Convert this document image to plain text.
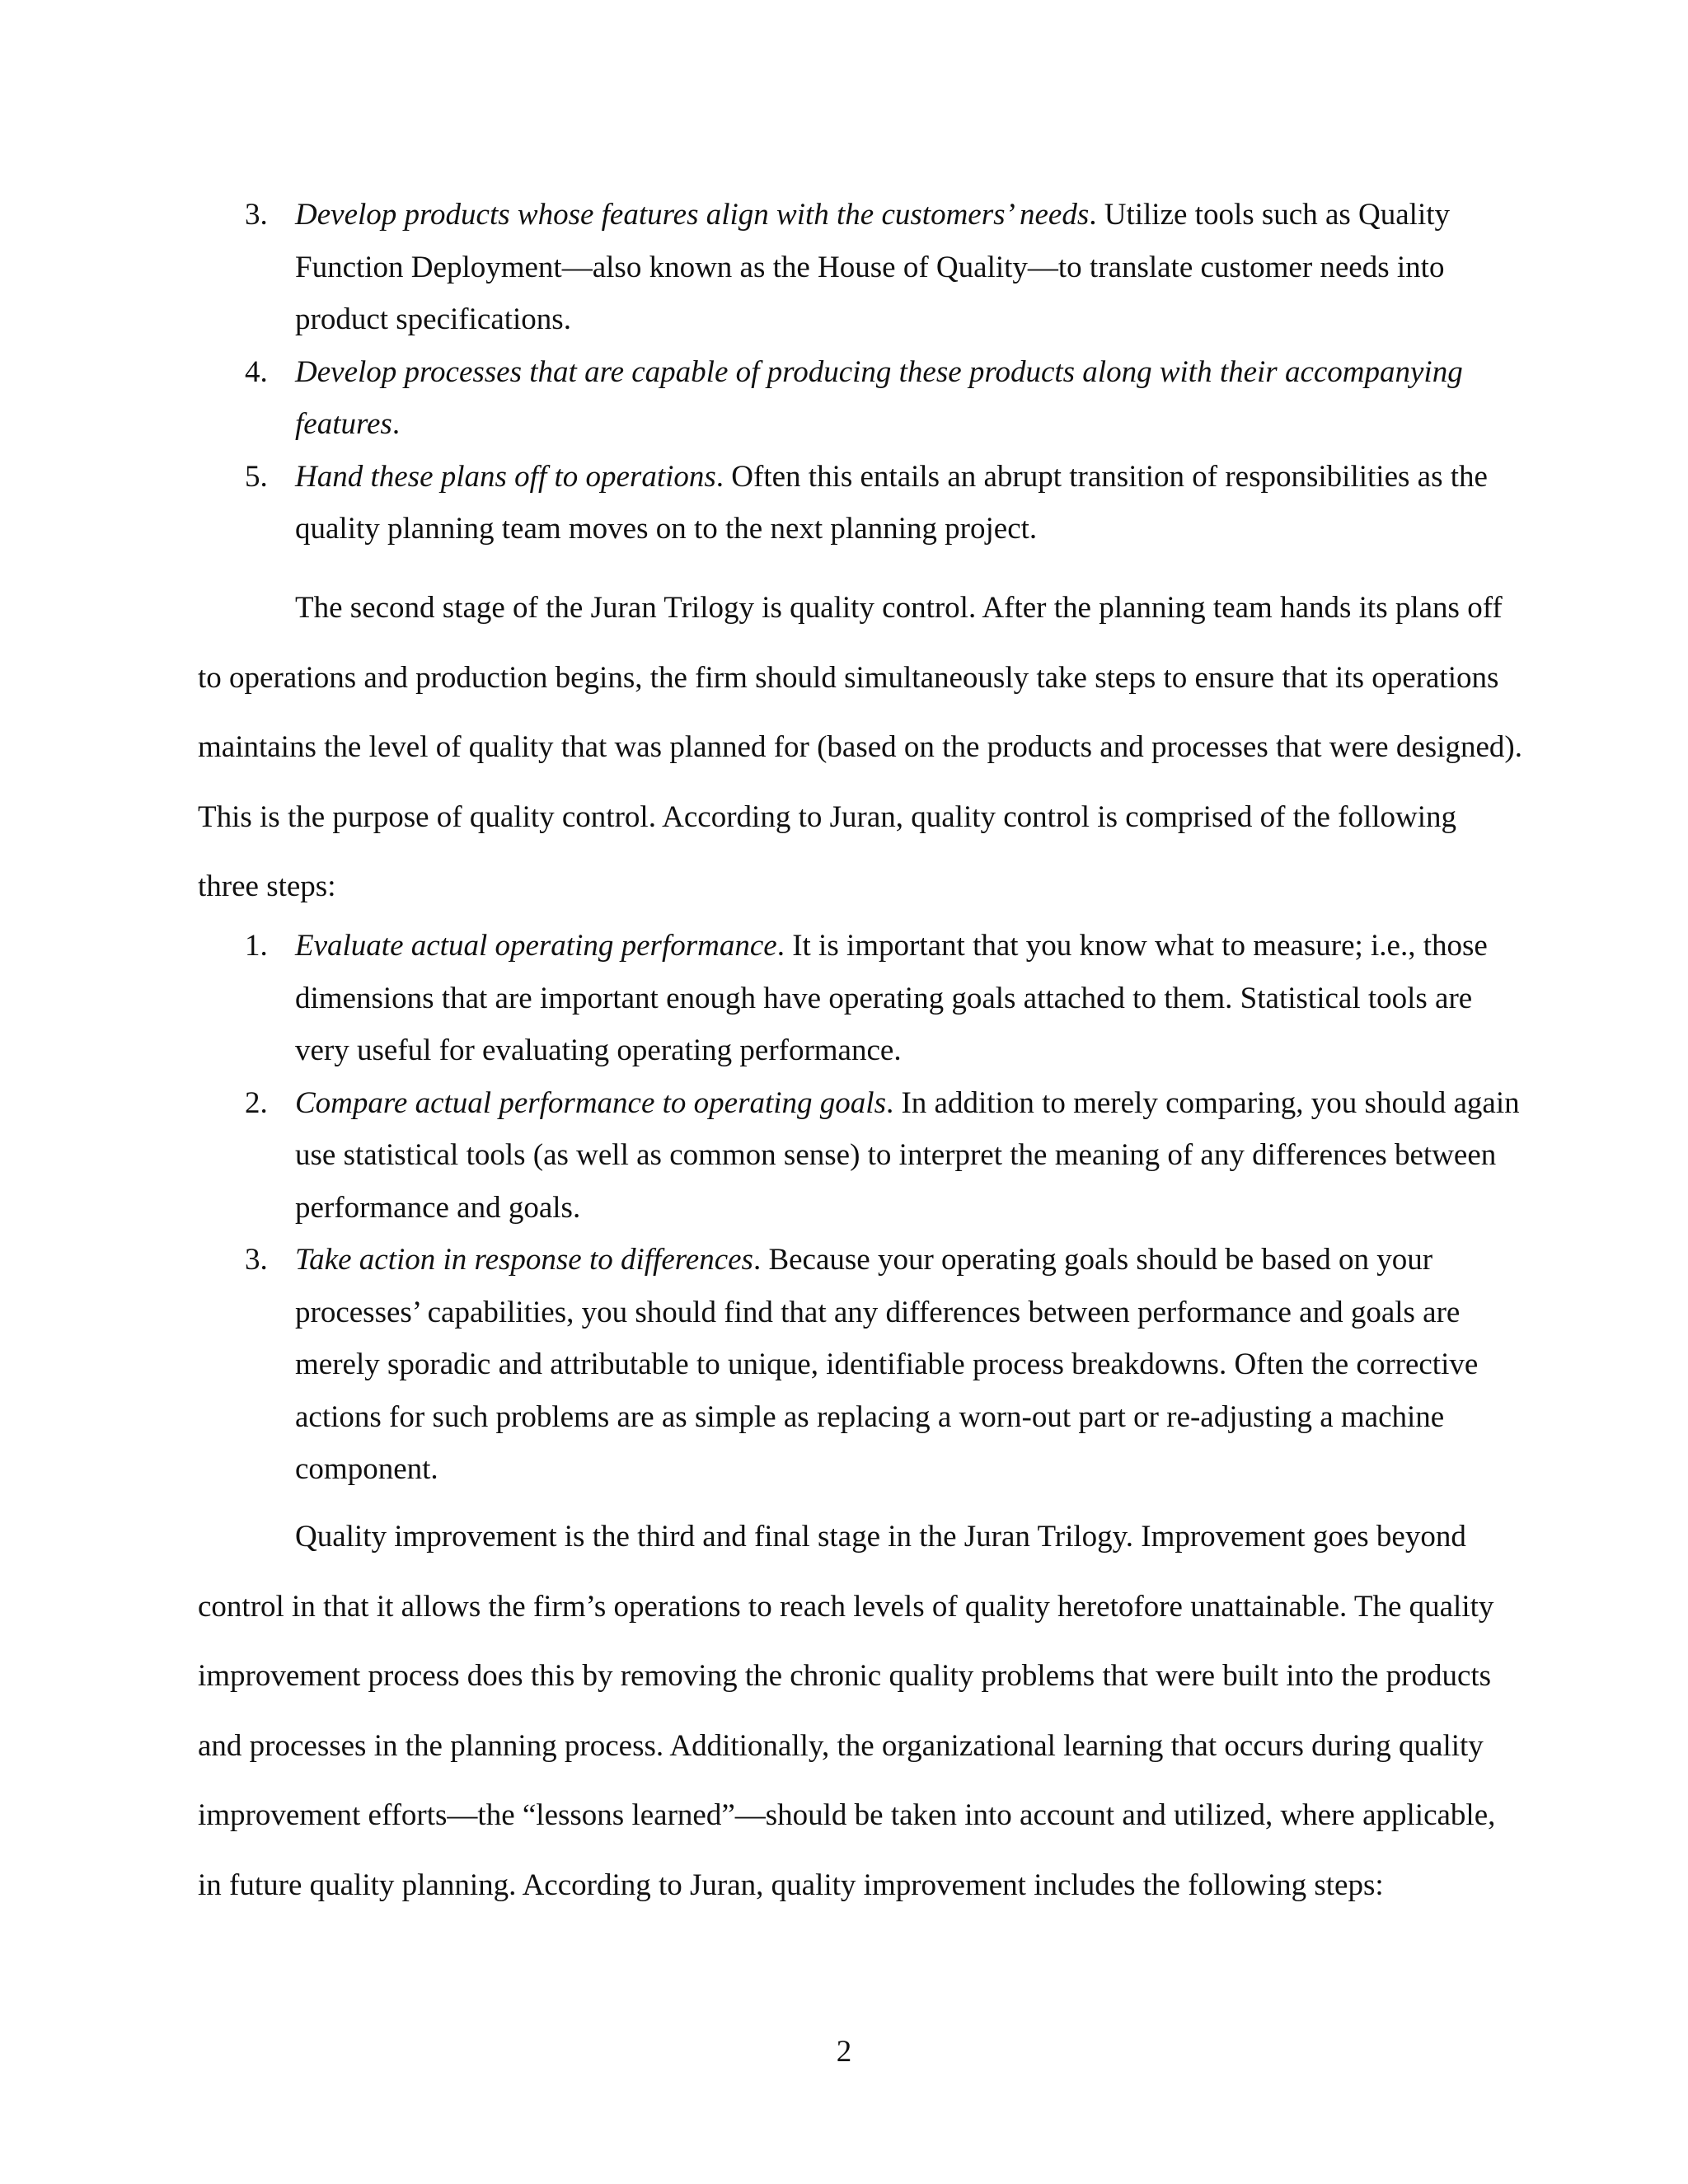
3. Develop products whose features align with the customers’ needs. Utilize tools such as Quality Function Deployment—also known as the House of Quality—to translate customer needs into product specifications.
4. Develop processes that are capable of producing these products along with their accompanying features.
5. Hand these plans off to operations. Often this entails an abrupt transition of responsibilities as the quality planning team moves on to the next planning project.

The second stage of the Juran Trilogy is quality control. After the planning team hands its plans off to operations and production begins, the firm should simultaneously take steps to ensure that its operations maintains the level of quality that was planned for (based on the products and processes that were designed). This is the purpose of quality control. According to Juran, quality control is comprised of the following three steps:

1. Evaluate actual operating performance. It is important that you know what to measure; i.e., those dimensions that are important enough have operating goals attached to them. Statistical tools are very useful for evaluating operating performance.
2. Compare actual performance to operating goals. In addition to merely comparing, you should again use statistical tools (as well as common sense) to interpret the meaning of any differences between performance and goals.
3. Take action in response to differences. Because your operating goals should be based on your processes’ capabilities, you should find that any differences between performance and goals are merely sporadic and attributable to unique, identifiable process breakdowns. Often the corrective actions for such problems are as simple as replacing a worn-out part or re-adjusting a machine component.

Quality improvement is the third and final stage in the Juran Trilogy. Improvement goes beyond control in that it allows the firm’s operations to reach levels of quality heretofore unattainable. The quality improvement process does this by removing the chronic quality problems that were built into the products and processes in the planning process. Additionally, the organizational learning that occurs during quality improvement efforts—the “lessons learned”—should be taken into account and utilized, where applicable, in future quality planning. According to Juran, quality improvement includes the following steps:

2
